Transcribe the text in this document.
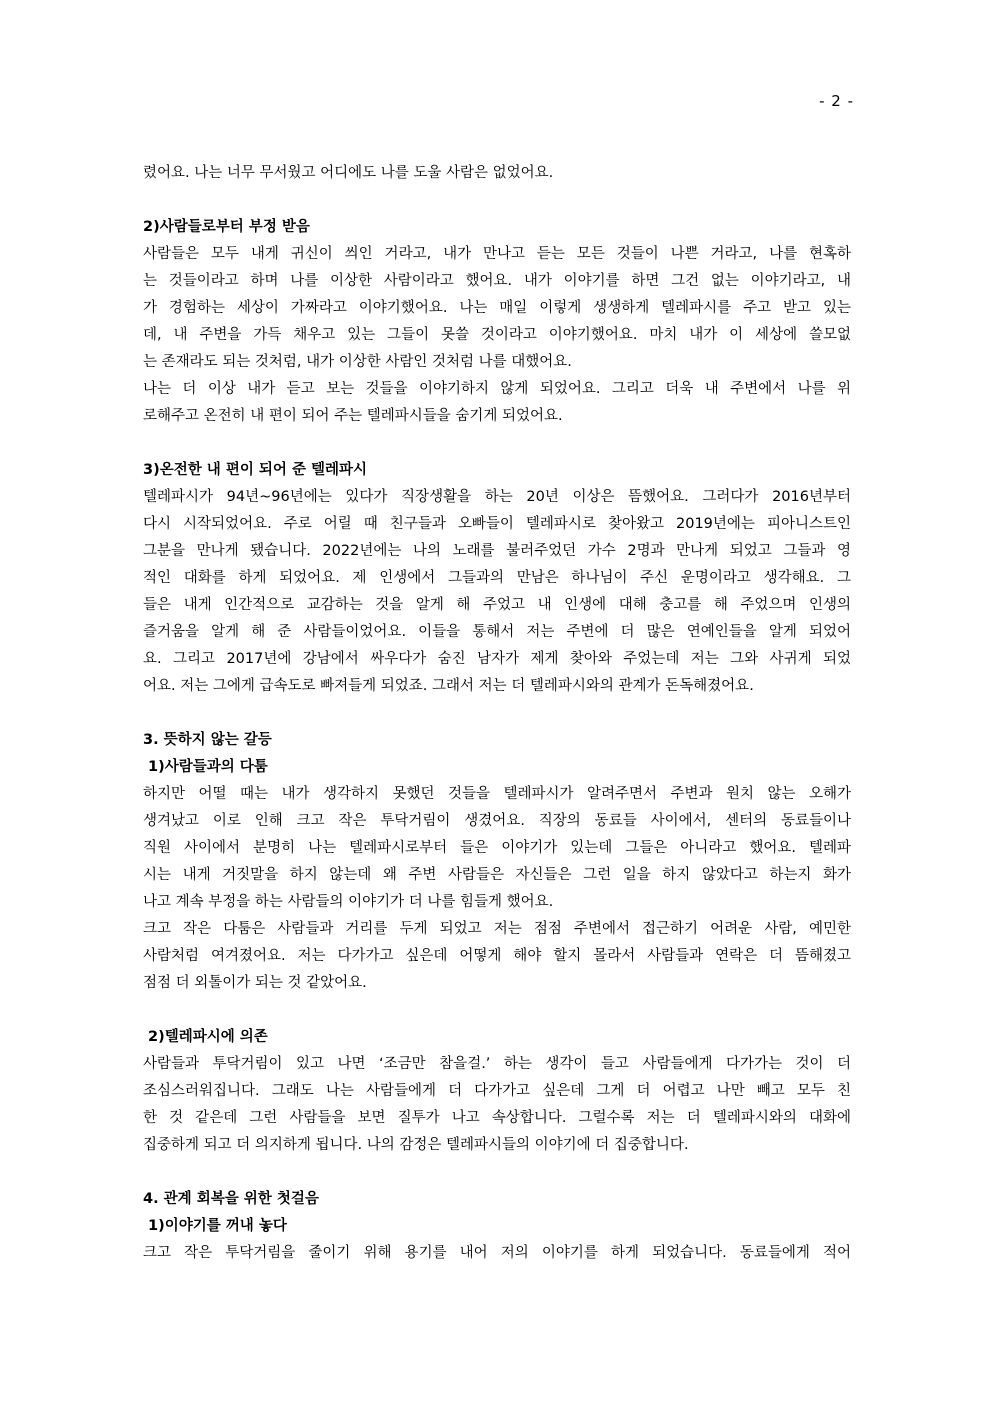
- 2 -
렸어요. 나는 너무 무서웠고 어디에도 나를 도울 사람은 없었어요.
2)사람들로부터 부정 받음
사람들은 모두 내게 귀신이 씌인 거라고, 내가 만나고 듣는 모든 것들이 나쁜 거라고, 나를 현혹하
는 것들이라고 하며 나를 이상한 사람이라고 했어요. 내가 이야기를 하면 그건 없는 이야기라고, 내
가 경험하는 세상이 가짜라고 이야기했어요. 나는 매일 이렇게 생생하게 텔레파시를 주고 받고 있는
데, 내 주변을 가득 채우고 있는 그들이 못쓸 것이라고 이야기했어요. 마치 내가 이 세상에 쓸모없
는 존재라도 되는 것처럼, 내가 이상한 사람인 것처럼 나를 대했어요.
나는 더 이상 내가 듣고 보는 것들을 이야기하지 않게 되었어요. 그리고 더욱 내 주변에서 나를 위
로해주고 온전히 내 편이 되어 주는 텔레파시들을 숨기게 되었어요.
3)온전한 내 편이 되어 준 텔레파시
텔레파시가 94년~96년에는 있다가 직장생활을 하는 20년 이상은 뜸했어요. 그러다가 2016년부터
다시 시작되었어요. 주로 어릴 때 친구들과 오빠들이 텔레파시로 찾아왔고 2019년에는 피아니스트인
그분을 만나게 됐습니다. 2022년에는 나의 노래를 불러주었던 가수 2명과 만나게 되었고 그들과 영
적인 대화를 하게 되었어요. 제 인생에서 그들과의 만남은 하나님이 주신 운명이라고 생각해요. 그
들은 내게 인간적으로 교감하는 것을 알게 해 주었고 내 인생에 대해 충고를 해 주었으며 인생의
즐거움을 알게 해 준 사람들이었어요. 이들을 통해서 저는 주변에 더 많은 연예인들을 알게 되었어
요. 그리고 2017년에 강남에서 싸우다가 숨진 남자가 제게 찾아와 주었는데 저는 그와 사귀게 되었
어요. 저는 그에게 급속도로 빠져들게 되었죠. 그래서 저는 더 텔레파시와의 관계가 돈독해졌어요.
3. 뜻하지 않는 갈등
1)사람들과의 다툼
하지만 어떨 때는 내가 생각하지 못했던 것들을 텔레파시가 알려주면서 주변과 원치 않는 오해가
생겨났고 이로 인해 크고 작은 투닥거림이 생겼어요. 직장의 동료들 사이에서, 센터의 동료들이나
직원 사이에서 분명히 나는 텔레파시로부터 들은 이야기가 있는데 그들은 아니라고 했어요. 텔레파
시는 내게 거짓말을 하지 않는데 왜 주변 사람들은 자신들은 그런 일을 하지 않았다고 하는지 화가
나고 계속 부정을 하는 사람들의 이야기가 더 나를 힘들게 했어요.
크고 작은 다툼은 사람들과 거리를 두게 되었고 저는 점점 주변에서 접근하기 어려운 사람, 예민한
사람처럼 여겨졌어요. 저는 다가가고 싶은데 어떻게 해야 할지 몰라서 사람들과 연락은 더 뜸해졌고
점점 더 외톨이가 되는 것 같았어요.
2)텔레파시에 의존
사람들과 투닥거림이 있고 나면 ‘조금만 참을걸.’ 하는 생각이 들고 사람들에게 다가가는 것이 더
조심스러워집니다. 그래도 나는 사람들에게 더 다가가고 싶은데 그게 더 어렵고 나만 빼고 모두 친
한 것 같은데 그런 사람들을 보면 질투가 나고 속상합니다. 그럴수록 저는 더 텔레파시와의 대화에
집중하게 되고 더 의지하게 됩니다. 나의 감정은 텔레파시들의 이야기에 더 집중합니다.
4. 관계 회복을 위한 첫걸음
1)이야기를 꺼내 놓다
크고 작은 투닥거림을 줄이기 위해 용기를 내어 저의 이야기를 하게 되었습니다. 동료들에게 적어
